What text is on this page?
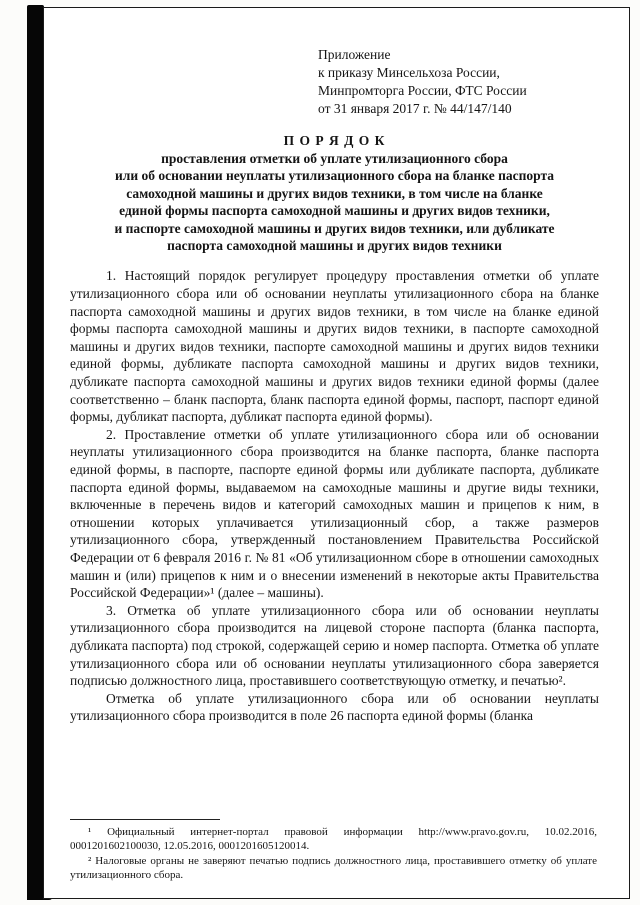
Приложение
к приказу Минсельхоза России,
Минпромторга России, ФТС России
от 31 января 2017 г. № 44/147/140
П О Р Я Д О К
проставления отметки об уплате утилизационного сбора
или об основании неуплаты утилизационного сбора на бланке паспорта
самоходной машины и других видов техники, в том числе на бланке
единой формы паспорта самоходной машины и других видов техники,
и паспорте самоходной машины и других видов техники, или дубликате
паспорта самоходной машины и других видов техники

1. Настоящий порядок регулирует процедуру проставления отметки об уплате утилизационного сбора или об основании неуплаты утилизационного сбора на бланке паспорта самоходной машины и других видов техники, в том числе на бланке единой формы паспорта самоходной машины и других видов техники, в паспорте самоходной машины и других видов техники, паспорте самоходной машины и других видов техники единой формы, дубликате паспорта самоходной машины и других видов техники, дубликате паспорта самоходной машины и других видов техники единой формы (далее соответственно – бланк паспорта, бланк паспорта единой формы, паспорт, паспорт единой формы, дубликат паспорта, дубликат паспорта единой формы).

2. Проставление отметки об уплате утилизационного сбора или об основании неуплаты утилизационного сбора производится на бланке паспорта, бланке паспорта единой формы, в паспорте, паспорте единой формы или дубликате паспорта, дубликате паспорта единой формы, выдаваемом на самоходные машины и другие виды техники, включенные в перечень видов и категорий самоходных машин и прицепов к ним, в отношении которых уплачивается утилизационный сбор, а также размеров утилизационного сбора, утвержденный постановлением Правительства Российской Федерации от 6 февраля 2016 г. № 81 «Об утилизационном сборе в отношении самоходных машин и (или) прицепов к ним и о внесении изменений в некоторые акты Правительства Российской Федерации»¹ (далее – машины).

3. Отметка об уплате утилизационного сбора или об основании неуплаты утилизационного сбора производится на лицевой стороне паспорта (бланка паспорта, дубликата паспорта) под строкой, содержащей серию и номер паспорта. Отметка об уплате утилизационного сбора или об основании неуплаты утилизационного сбора заверяется подписью должностного лица, проставившего соответствующую отметку, и печатью².

Отметка об уплате утилизационного сбора или об основании неуплаты утилизационного сбора производится в поле 26 паспорта единой формы (бланка

¹ Официальный интернет-портал правовой информации http://www.pravo.gov.ru, 10.02.2016, 0001201602100030, 12.05.2016, 0001201605120014.

² Налоговые органы не заверяют печатью подпись должностного лица, проставившего отметку об уплате утилизационного сбора.
